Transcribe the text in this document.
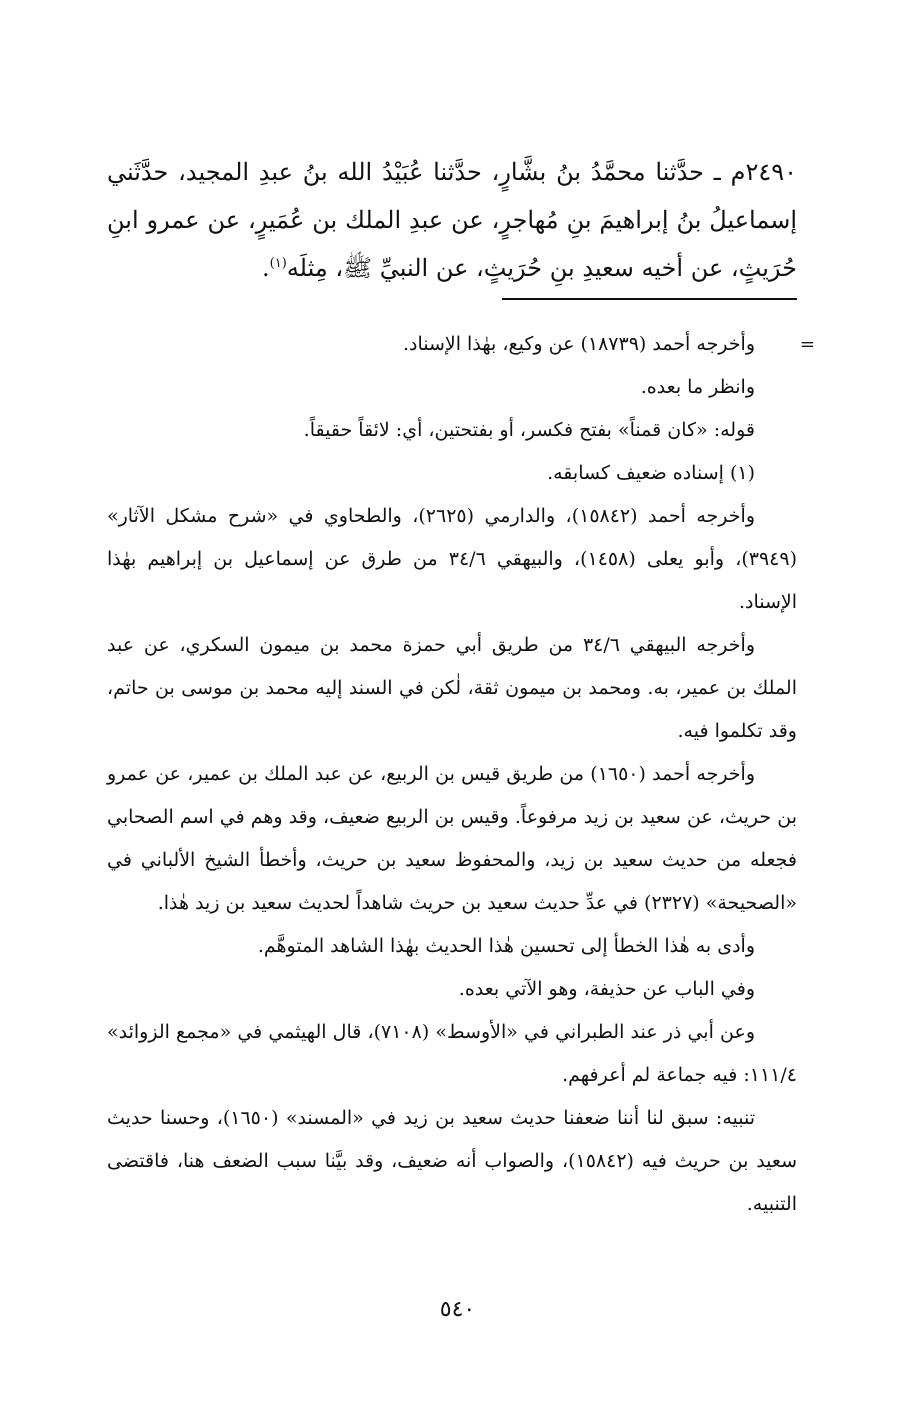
٢٤٩٠م ـ حدَّثنا محمَّدُ بنُ بشَّارٍ، حدَّثنا عُبَيْدُ الله بنُ عبدِ المجيد، حدَّثَني إسماعيلُ بنُ إبراهيمَ بنِ مُهاجرٍ، عن عبدِ الملك بن عُمَيرٍ، عن عمرو ابنِ حُرَيثٍ، عن أخيه سعيدِ بنِ حُرَيثٍ، عن النبيِّ ﷺ، مِثلَه$^{(١)}$.

=

وأخرجه أحمد (١٨٧٣٩) عن وكيع، بهٰذا الإسناد.

وانظر ما بعده.

قوله: «كان قمناً» بفتح فكسر، أو بفتحتين، أي: لائقاً حقيقاً.

(١) إسناده ضعيف كسابقه.

وأخرجه أحمد (١٥٨٤٢)، والدارمي (٢٦٢٥)، والطحاوي في «شرح مشكل الآثار» (٣٩٤٩)، وأبو يعلى (١٤٥٨)، والبيهقي ٣٤/٦ من طرق عن إسماعيل بن إبراهيم بهٰذا الإسناد.

وأخرجه البيهقي ٣٤/٦ من طريق أبي حمزة محمد بن ميمون السكري، عن عبد الملك بن عمير، به. ومحمد بن ميمون ثقة، لٰكن في السند إليه محمد بن موسى بن حاتم، وقد تكلموا فيه.

وأخرجه أحمد (١٦٥٠) من طريق قيس بن الربيع، عن عبد الملك بن عمير، عن عمرو بن حريث، عن سعيد بن زيد مرفوعاً. وقيس بن الربيع ضعيف، وقد وهم في اسم الصحابي فجعله من حديث سعيد بن زيد، والمحفوظ سعيد بن حريث، وأخطأ الشيخ الألباني في «الصحيحة» (٢٣٢٧) في عدِّ حديث سعيد بن حريث شاهداً لحديث سعيد بن زيد هٰذا.

وأدى به هٰذا الخطأ إلى تحسين هٰذا الحديث بهٰذا الشاهد المتوهَّم.

وفي الباب عن حذيفة، وهو الآتي بعده.

وعن أبي ذر عند الطبراني في «الأوسط» (٧١٠٨)، قال الهيثمي في «مجمع الزوائد» ١١١/٤: فيه جماعة لم أعرفهم.

تنبيه: سبق لنا أننا ضعفنا حديث سعيد بن زيد في «المسند» (١٦٥٠)، وحسنا حديث سعيد بن حريث فيه (١٥٨٤٢)، والصواب أنه ضعيف، وقد بيَّنا سبب الضعف هنا، فاقتضى التنبيه.

٥٤٠
